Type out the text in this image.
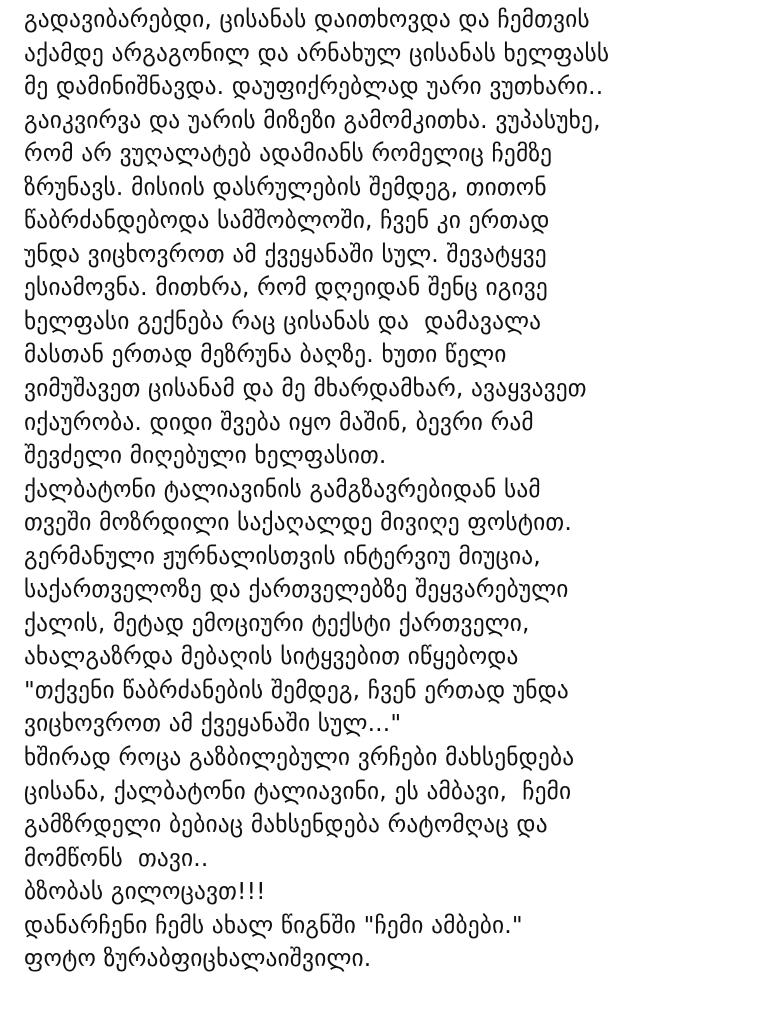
გადავიბარებდი, ცისანას დაითხოვდა და ჩემთვის
აქამდე არგაგონილ და არნახულ ცისანას ხელფასს
მე დამინიშნავდა. დაუფიქრებლად უარი ვუთხარი..
გაიკვირვა და უარის მიზეზი გამომკითხა. ვუპასუხე,
რომ არ ვუღალატებ ადამიანს რომელიც ჩემზე
ზრუნავს. მისიის დასრულების შემდეგ, თითონ
წაბრძანდებოდა სამშობლოში, ჩვენ კი ერთად
უნდა ვიცხოვროთ ამ ქვეყანაში სულ. შევატყვე
ესიამოვნა. მითხრა, რომ დღეიდან შენც იგივე
ხელფასი გექნება რაც ცისანას და  დამავალა
მასთან ერთად მეზრუნა ბაღზე. ხუთი წელი
ვიმუშავეთ ცისანამ და მე მხარდამხარ, ავაყვავეთ
იქაურობა. დიდი შვება იყო მაშინ, ბევრი რამ
შევძელი მიღებული ხელფასით.
ქალბატონი ტალიავინის გამგზავრებიდან სამ
თვეში მოზრდილი საქაღალდე მივიღე ფოსტით.
გერმანული ჟურნალისთვის ინტერვიუ მიუცია,
საქართველოზე და ქართველებზე შეყვარებული
ქალის, მეტად ემოციური ტექსტი ქართველი,
ახალგაზრდა მებაღის სიტყვებით იწყებოდა
"თქვენი წაბრძანების შემდეგ, ჩვენ ერთად უნდა
ვიცხოვროთ ამ ქვეყანაში სულ..."
ხშირად როცა გაზბილებული ვრჩები მახსენდება
ცისანა, ქალბატონი ტალიავინი, ეს ამბავი,  ჩემი
გამზრდელი ბებიაც მახსენდება რატომღაც და
მომწონს  თავი..
ბზობას გილოცავთ!!!
დანარჩენი ჩემს ახალ წიგნში "ჩემი ამბები."
ფოტო ზურაბფიცხალაიშვილი.
